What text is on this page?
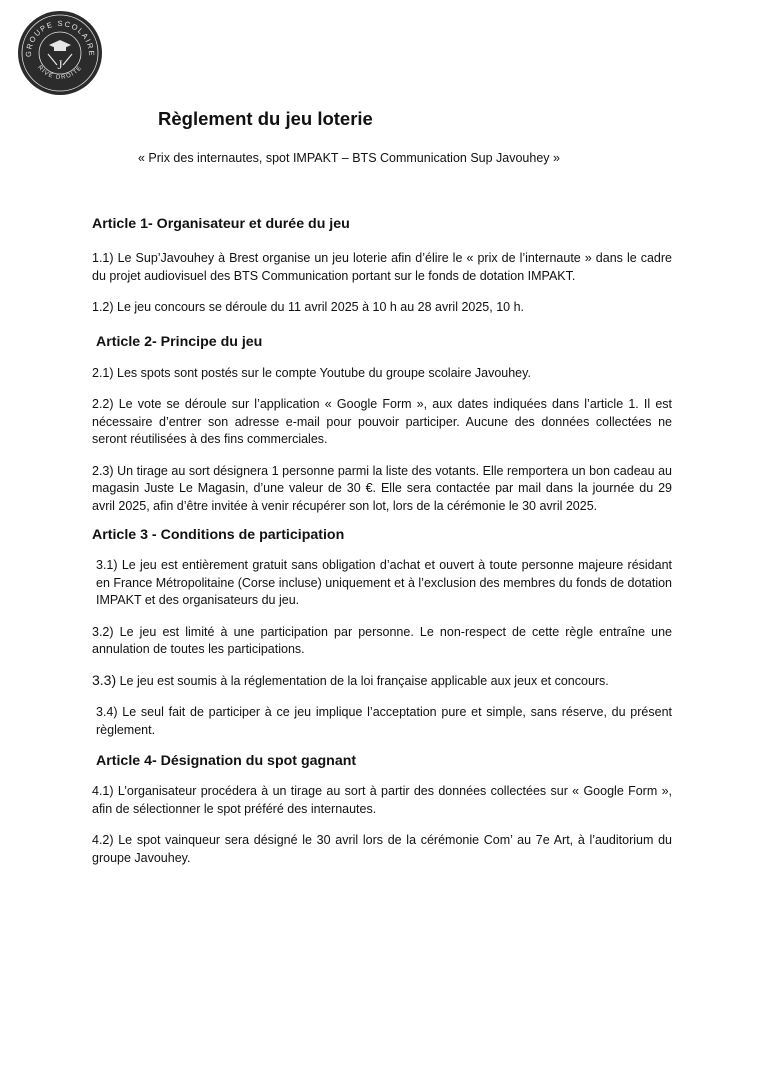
GROUPE SCOLAIRE
RIVE DROITE
J
Règlement du jeu loterie

« Prix des internautes, spot IMPAKT – BTS Communication Sup Javouhey »

Article 1- Organisateur et durée du jeu

1.1) Le Sup’Javouhey à Brest organise un jeu loterie afin d’élire le « prix de l’internaute » dans le cadre du projet audiovisuel des BTS Communication portant sur le fonds de dotation IMPAKT.

1.2) Le jeu concours se déroule du 11 avril 2025 à 10 h au 28 avril 2025, 10 h.

Article 2- Principe du jeu

2.1) Les spots sont postés sur le compte Youtube du groupe scolaire Javouhey.

2.2) Le vote se déroule sur l’application « Google Form », aux dates indiquées dans l’article 1. Il est nécessaire d’entrer son adresse e-mail pour pouvoir participer. Aucune des données collectées ne seront réutilisées à des fins commerciales.

2.3) Un tirage au sort désignera 1 personne parmi la liste des votants. Elle remportera un bon cadeau au magasin Juste Le Magasin, d’une valeur de 30 €. Elle sera contactée par mail dans la journée du 29 avril 2025, afin d’être invitée à venir récupérer son lot, lors de la cérémonie le 30 avril 2025.

Article 3 - Conditions de participation

3.1) Le jeu est entièrement gratuit sans obligation d’achat et ouvert à toute personne majeure résidant en France Métropolitaine (Corse incluse) uniquement et à l’exclusion des membres du fonds de dotation IMPAKT et des organisateurs du jeu.

3.2) Le jeu est limité à une participation par personne. Le non-respect de cette règle entraîne une annulation de toutes les participations.

3.3) Le jeu est soumis à la réglementation de la loi française applicable aux jeux et concours.

3.4) Le seul fait de participer à ce jeu implique l’acceptation pure et simple, sans réserve, du présent règlement.

Article 4- Désignation du spot gagnant

4.1) L’organisateur procédera à un tirage au sort à partir des données collectées sur « Google Form », afin de sélectionner le spot préféré des internautes.

4.2) Le spot vainqueur sera désigné le 30 avril lors de la cérémonie Com’ au 7e Art, à l’auditorium du groupe Javouhey.
